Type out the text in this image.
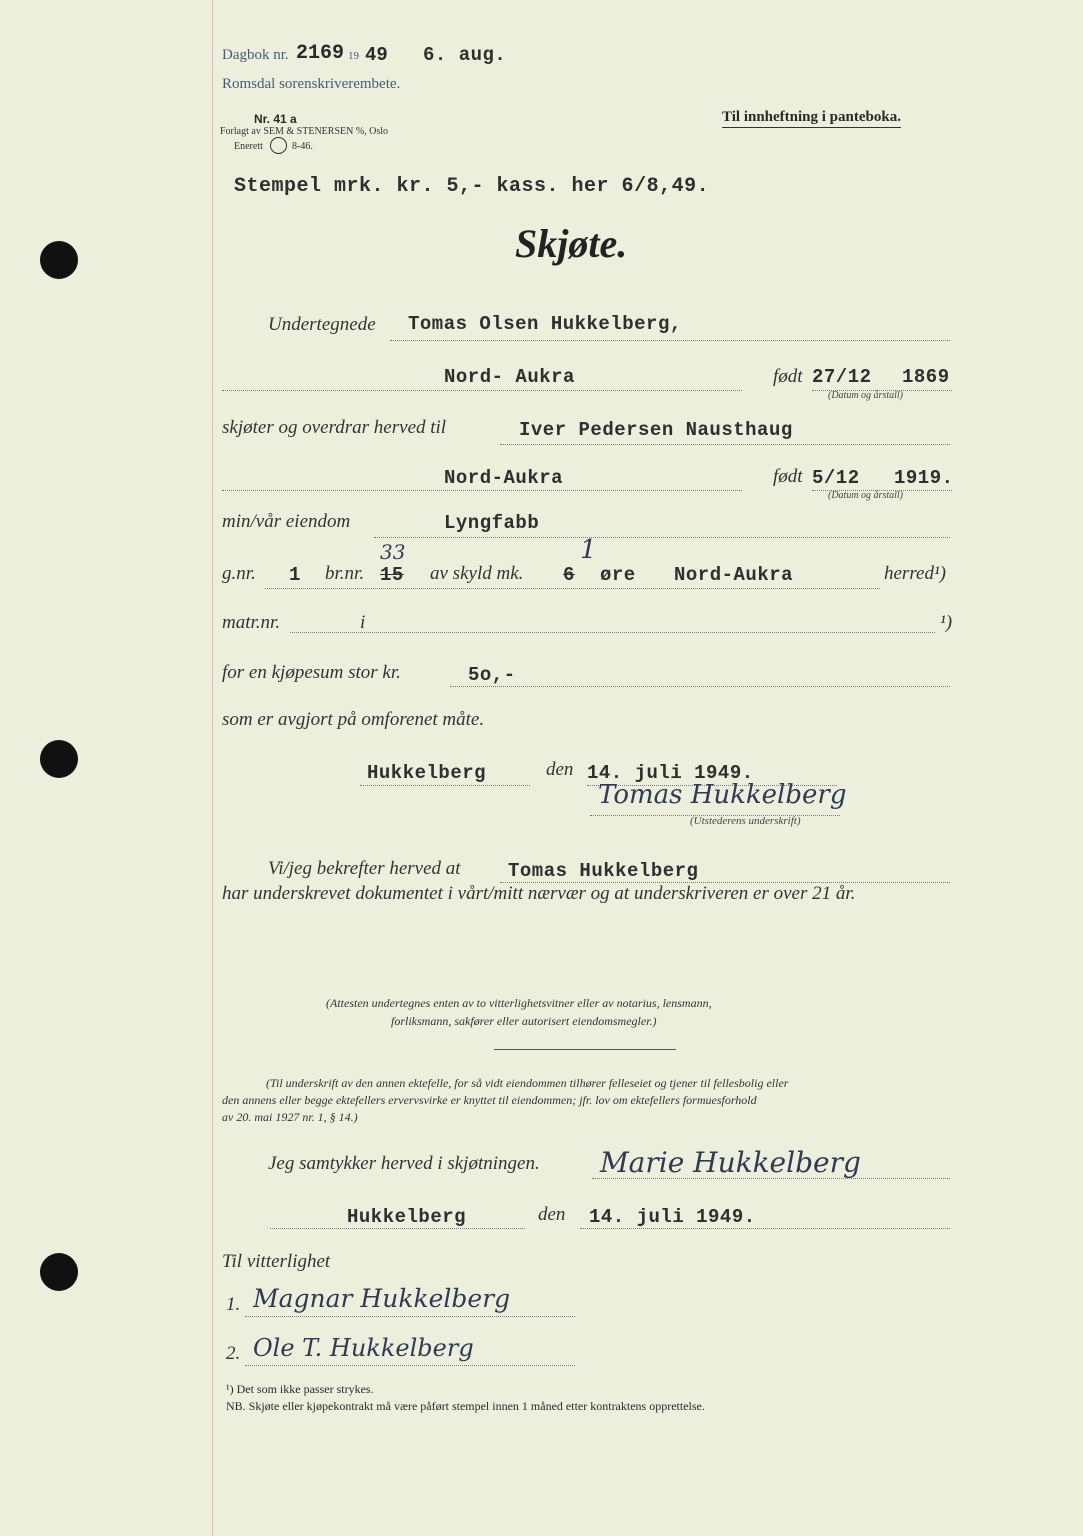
Dagbok nr. 2169 19 49 6. aug.
Romsdal sorenskriverembete.
Nr. 41 a
Forlagt av SEM & STENERSEN %, Oslo
Enerett	8-46.
Til innheftning i panteboka.
Stempel mrk. kr. 5,- kass. her 6/8,49.
Skjøte.
Undertegnede Tomas Olsen Hukkelberg,
Nord- Aukra	født 27/12 1869
(Datum og årstall)
skjøter og overdrar herved til	Iver Pedersen Nausthaug
Nord-Aukra	født 5/12 1919.
(Datum og årstall)
min/vår eiendom	Lyngfabb
g.nr. 1 br.nr. 15
33
av skyld mk. 6
1
øre Nord-Aukra	herred¹)
matr.nr.	i	¹)
for en kjøpesum stor kr.	5o,-
som er avgjort på omforenet måte.
Hukkelberg	den 14. juli 1949.
Tomas Hukkelberg
(Utstederens underskrift)
Vi/jeg bekrefter herved at Tomas Hukkelberg
har underskrevet dokumentet i vårt/mitt nærvær og at underskriveren er over 21 år.
(Attesten undertegnes enten av to vitterlighetsvitner eller av notarius, lensmann,
forliksmann, sakfører eller autorisert eiendomsmegler.)
(Til underskrift av den annen ektefelle, for så vidt eiendommen tilhører felleseiet og tjener til fellesbolig eller
den annens eller begge ektefellers ervervsvirke er knyttet til eiendommen; jfr. lov om ektefellers formuesforhold
av 20. mai 1927 nr. 1, § 14.)
Jeg samtykker herved i skjøtningen. Marie Hukkelberg
Hukkelberg	den 14. juli 1949.
Til vitterlighet
1. Magnar Hukkelberg
2. Ole T. Hukkelberg
¹) Det som ikke passer strykes.
NB. Skjøte eller kjøpekontrakt må være påført stempel innen 1 måned etter kontraktens opprettelse.
